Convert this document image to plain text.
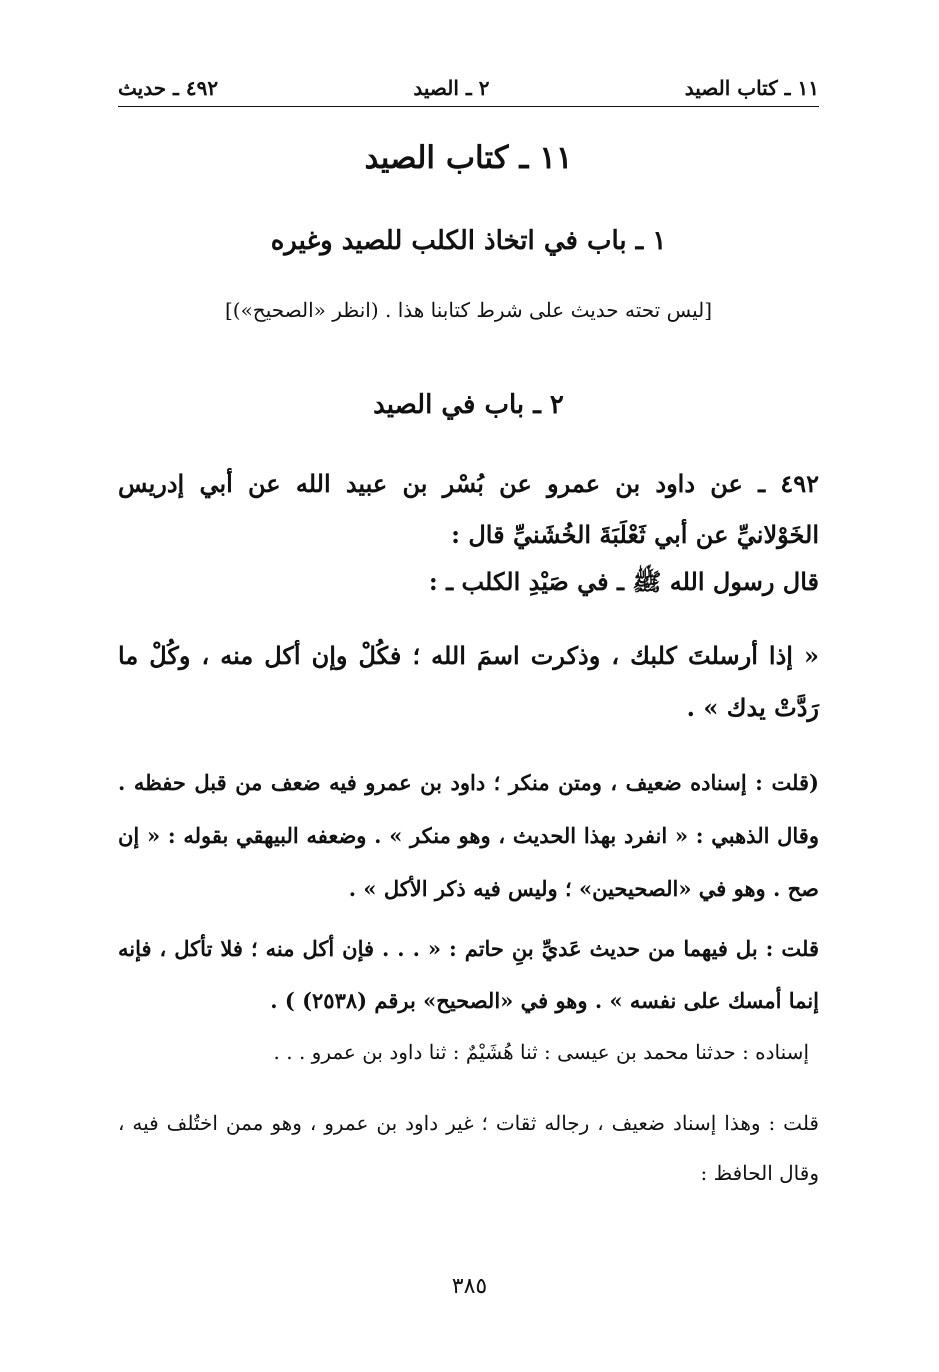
١١ ـ كتاب الصيد
٢ ـ الصيد
٤٩٢ ـ حديث
١١ ـ كتاب الصيد
١ ـ باب في اتخاذ الكلب للصيد وغيره
[ليس تحته حديث على شرط كتابنا هذا . (انظر «الصحيح»)]
٢ ـ باب في الصيد
٤٩٢ ـ عن داود بن عمرو عن بُسْر بن عبيد الله عن أبي إدريس الخَوْلانيِّ عن أبي ثَعْلَبَةَ الخُشَنيِّ قال :
قال رسول الله ﷺ ـ في صَيْدِ الكلب ـ :
« إذا أرسلتَ كلبك ، وذكرت اسمَ الله ؛ فكُلْ وإن أكل منه ، وكُلْ ما رَدَّتْ يدك » .
(قلت : إسناده ضعيف ، ومتن منكر ؛ داود بن عمرو فيه ضعف من قبل حفظه . وقال الذهبي : « انفرد بهذا الحديث ، وهو منكر » . وضعفه البيهقي بقوله : « إن صح . وهو في «الصحيحين» ؛ وليس فيه ذكر الأكل » .
قلت : بل فيهما من حديث عَديِّ بنِ حاتم : « . . . فإن أكل منه ؛ فلا تأكل ، فإنه إنما أمسك على نفسه » . وهو في «الصحيح» برقم (٢٥٣٨) ) .
إسناده : حدثنا محمد بن عيسى : ثنا هُشَيْمٌ : ثنا داود بن عمرو . . .
قلت : وهذا إسناد ضعيف ، رجاله ثقات ؛ غير داود بن عمرو ، وهو ممن اختُلف فيه ، وقال الحافظ :
٣٨٥
